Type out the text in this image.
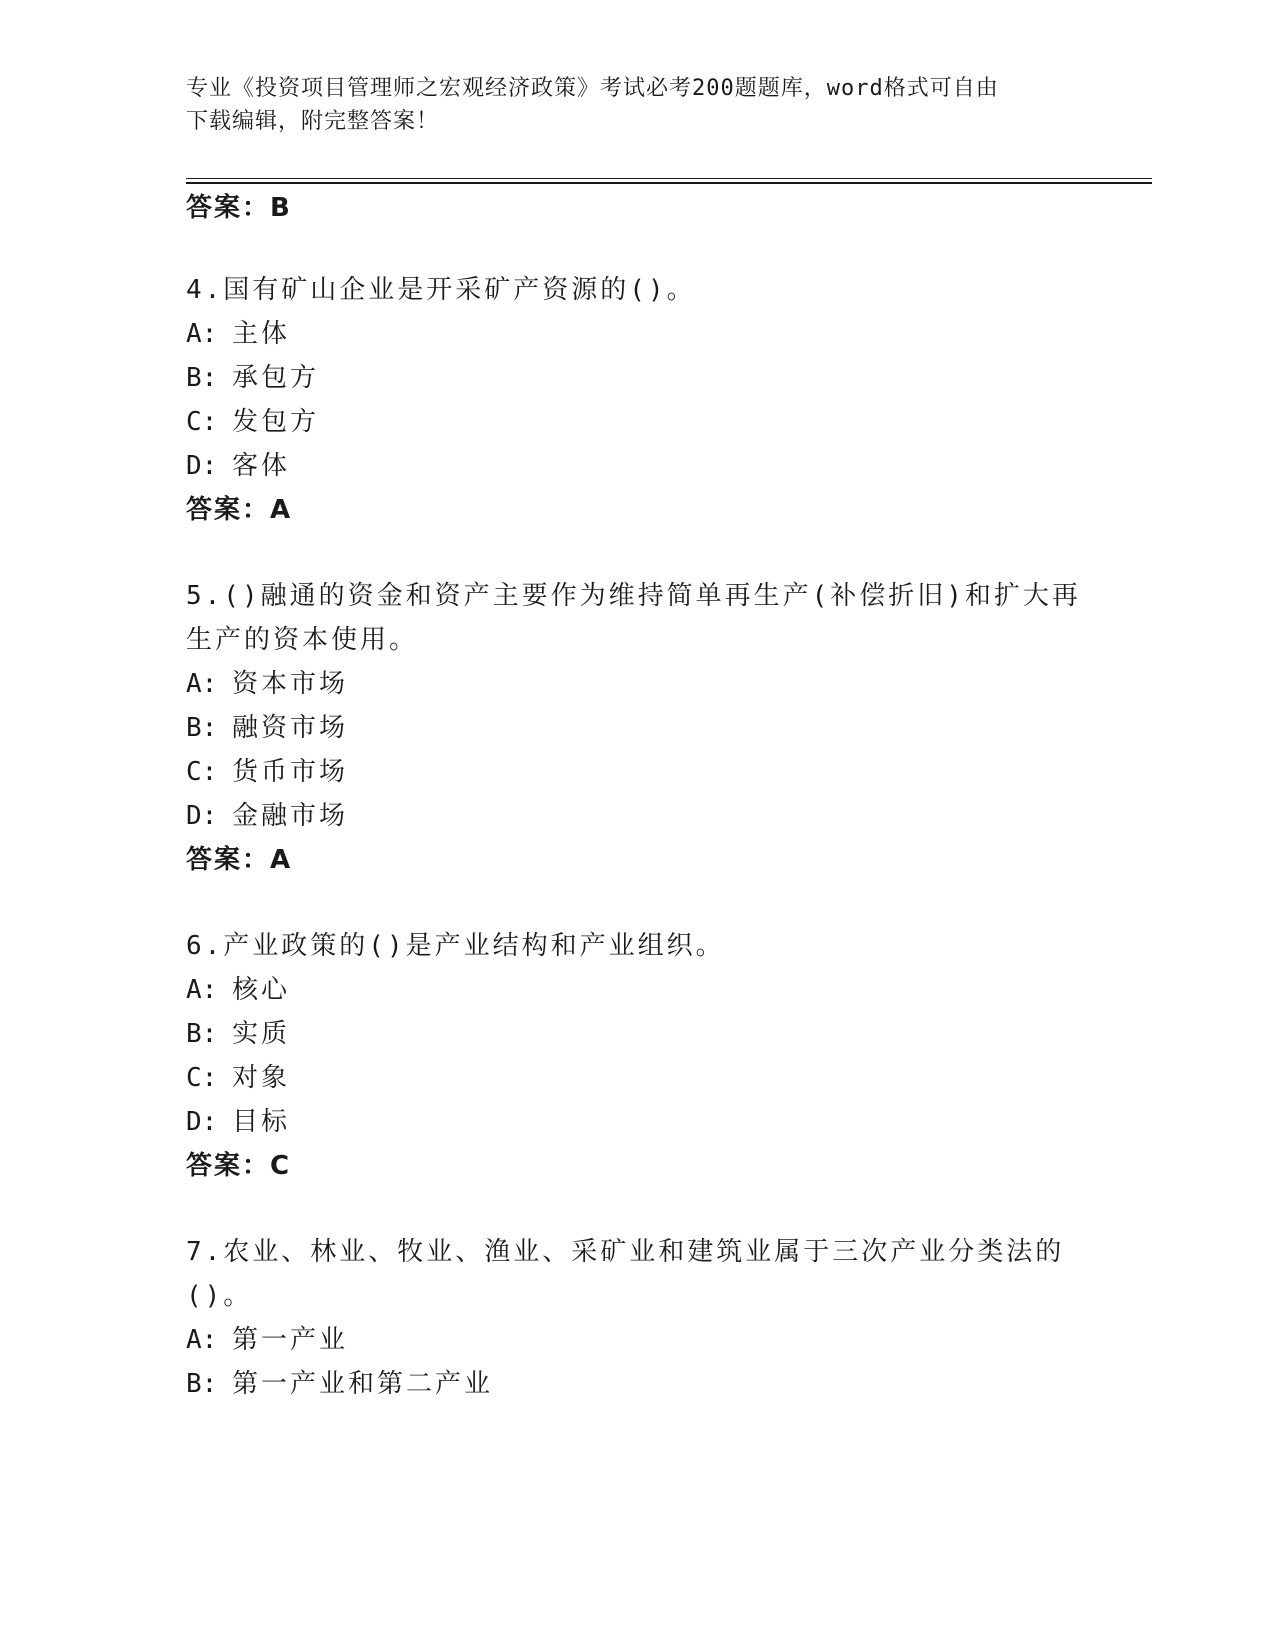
专业《投资项目管理师之宏观经济政策》考试必考200题题库，word格式可自由
下载编辑，附完整答案！
答案：B
4.国有矿山企业是开采矿产资源的()。
A: 主体
B: 承包方
C: 发包方
D: 客体
答案：A
5.()融通的资金和资产主要作为维持简单再生产(补偿折旧)和扩大再
生产的资本使用。
A: 资本市场
B: 融资市场
C: 货币市场
D: 金融市场
答案：A
6.产业政策的()是产业结构和产业组织。
A: 核心
B: 实质
C: 对象
D: 目标
答案：C
7.农业、林业、牧业、渔业、采矿业和建筑业属于三次产业分类法的
()。
A: 第一产业
B: 第一产业和第二产业
